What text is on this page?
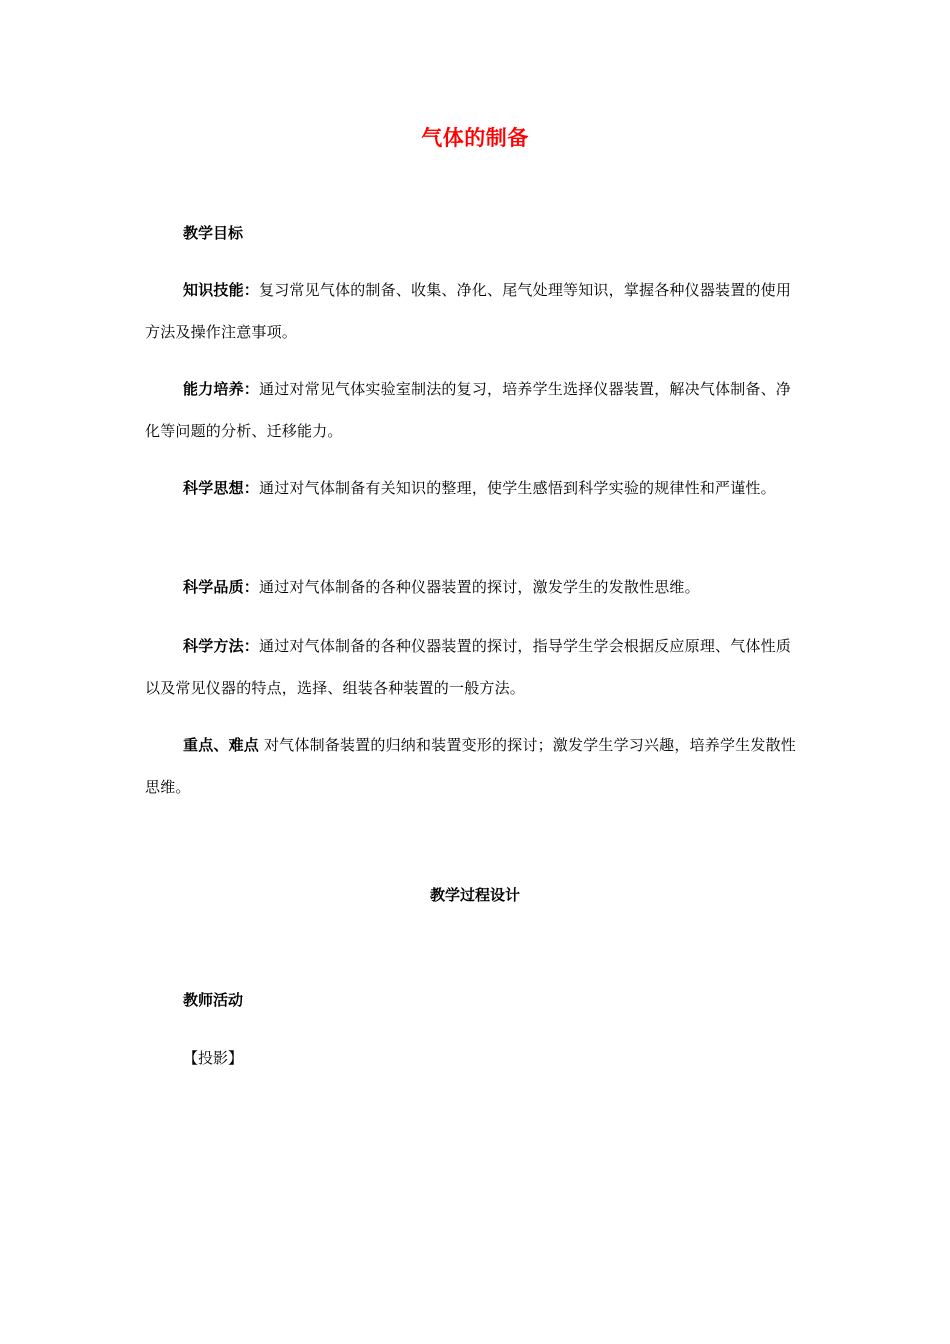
气体的制备
教学目标
知识技能：复习常见气体的制备、收集、净化、尾气处理等知识，掌握各种仪器装置的使用方法及操作注意事项。
能力培养：通过对常见气体实验室制法的复习，培养学生选择仪器装置，解决气体制备、净化等问题的分析、迁移能力。
科学思想：通过对气体制备有关知识的整理，使学生感悟到科学实验的规律性和严谨性。
科学品质：通过对气体制备的各种仪器装置的探讨，激发学生的发散性思维。
科学方法：通过对气体制备的各种仪器装置的探讨，指导学生学会根据反应原理、气体性质以及常见仪器的特点，选择、组装各种装置的一般方法。
重点、难点 对气体制备装置的归纳和装置变形的探讨；激发学生学习兴趣，培养学生发散性思维。
教学过程设计
教师活动
【投影】
